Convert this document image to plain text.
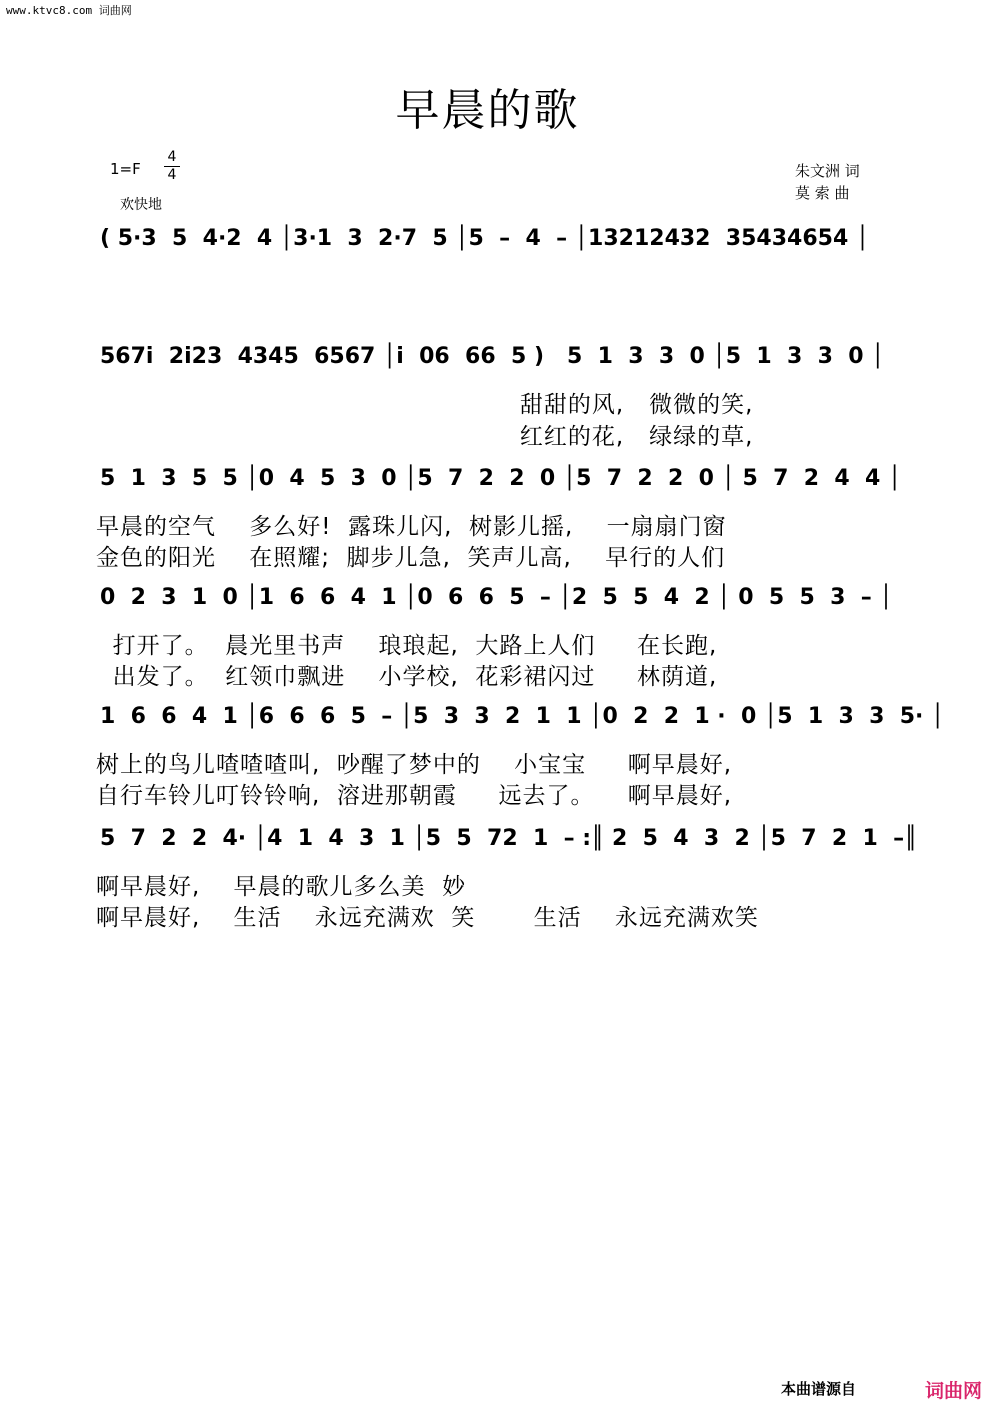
www.ktvc8.com 词曲网
早晨的歌
1=F
4
4
欢快地
朱文洲 词
莫 索 曲
( 5·3  5  4·2  4 │3·1  3  2·7  5 │5  –  4  – │13212432  35434654 │
567i  2i23  4345  6567 │i  06  66  5 )   5  1  3  3  0 │5  1  3  3  0 │
甜甜的风,   微微的笑,
红红的花,   绿绿的草,
5  1  3  5  5 │0  4  5  3  0 │5  7  2  2  0 │5  7  2  2  0 │ 5  7  2  4  4 │
早晨的空气    多么好!  露珠儿闪,  树影儿摇,    一扇扇门窗
金色的阳光    在照耀;  脚步儿急,  笑声儿高,    早行的人们
0  2  3  1  0 │1  6  6  4  1 │0  6  6  5  – │2  5  5  4  2 │ 0  5  5  3  – │
打开了。  晨光里书声    琅琅起,  大路上人们     在长跑,
出发了。  红领巾飘进    小学校,  花彩裙闪过     林荫道,
1  6  6  4  1 │6  6  6  5  – │5  3  3  2  1  1 │0  2  2  1 ·  0 │5  1  3  3  5· │
树上的鸟儿喳喳喳叫,  吵醒了梦中的    小宝宝     啊早晨好,
自行车铃儿叮铃铃响,  溶进那朝霞     远去了。    啊早晨好,
5  7  2  2  4· │4  1  4  3  1 │5  5  72  1  – :║ 2  5  4  3  2 │5  7  2  1  –║
啊早晨好,    早晨的歌儿多么美  妙
啊早晨好,    生活    永远充满欢  笑       生活    永远充满欢笑
本曲谱源自	词曲网
